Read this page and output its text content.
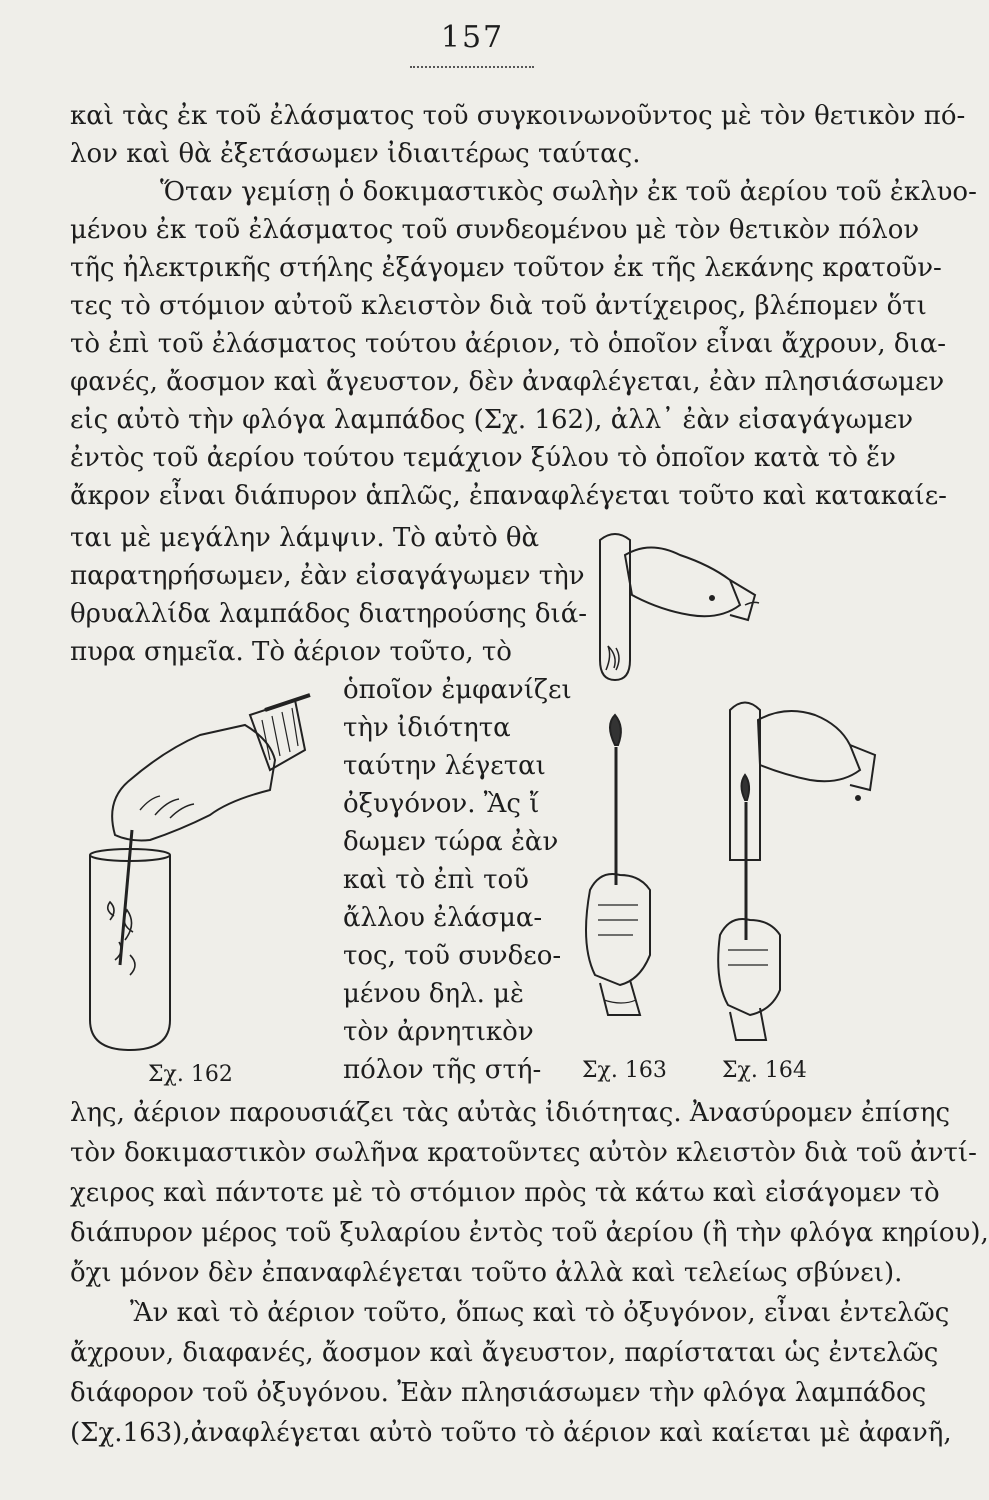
157
καὶ τὰς ἐκ τοῦ ἐλάσματος τοῦ συγκοινωνοῦντος μὲ τὸν θετικὸν πό-
λον καὶ θὰ ἐξετάσωμεν ἰδιαιτέρως ταύτας.
Ὅταν γεμίσῃ ὁ δοκιμαστικὸς σωλὴν ἐκ τοῦ ἀερίου τοῦ ἐκλυο-
μένου ἐκ τοῦ ἐλάσματος τοῦ συνδεομένου μὲ τὸν θετικὸν πόλον
τῆς ἠλεκτρικῆς στήλης ἐξάγομεν τοῦτον ἐκ τῆς λεκάνης κρατοῦν-
τες τὸ στόμιον αὐτοῦ κλειστὸν διὰ τοῦ ἀντίχειρος, βλέπομεν ὅτι
τὸ ἐπὶ τοῦ ἐλάσματος τούτου ἀέριον, τὸ ὁποῖον εἶναι ἄχρουν, δια-
φανές, ἄοσμον καὶ ἄγευστον, δὲν ἀναφλέγεται, ἐὰν πλησιάσωμεν
εἰς αὐτὸ τὴν φλόγα λαμπάδος (Σχ. 162), ἀλλ᾽ ἐὰν εἰσαγάγωμεν
ἐντὸς τοῦ ἀερίου τούτου τεμάχιον ξύλου τὸ ὁποῖον κατὰ τὸ ἕν
ἄκρον εἶναι διάπυρον ἁπλῶς, ἐπαναφλέγεται τοῦτο καὶ κατακαίε-
ται μὲ μεγάλην λάμψιν. Τὸ αὐτὸ θὰ
παρατηρήσωμεν, ἐὰν εἰσαγάγωμεν τὴν
θρυαλλίδα λαμπάδος διατηρούσης διά-
πυρα σημεῖα. Τὸ ἀέριον τοῦτο, τὸ
ὁποῖον ἐμφανίζει
τὴν ἰδιότητα
ταύτην λέγεται
ὀξυγόνον. Ἂς ἴ
δωμεν τώρα ἐὰν
καὶ τὸ ἐπὶ τοῦ
ἄλλου ἐλάσμα-
τος, τοῦ συνδεο-
μένου δηλ. μὲ
τὸν ἀρνητικὸν
πόλον τῆς στή-
Σχ. 162	Σχ. 163	Σχ. 164
λης, ἀέριον παρουσιάζει τὰς αὐτὰς ἰδιότητας. Ἀνασύρομεν ἐπίσης
τὸν δοκιμαστικὸν σωλῆνα κρατοῦντες αὐτὸν κλειστὸν διὰ τοῦ ἀντί-
χειρος καὶ πάντοτε μὲ τὸ στόμιον πρὸς τὰ κάτω καὶ εἰσάγομεν τὸ
διάπυρον μέρος τοῦ ξυλαρίου ἐντὸς τοῦ ἀερίου (ἢ τὴν φλόγα κηρίου),
ὄχι μόνον δὲν ἐπαναφλέγεται τοῦτο ἀλλὰ καὶ τελείως σβύνει).
Ἂν καὶ τὸ ἀέριον τοῦτο, ὅπως καὶ τὸ ὀξυγόνον, εἶναι ἐντελῶς
ἄχρουν, διαφανές, ἄοσμον καὶ ἄγευστον, παρίσταται ὡς ἐντελῶς
διάφορον τοῦ ὀξυγόνου. Ἐὰν πλησιάσωμεν τὴν φλόγα λαμπάδος
(Σχ.163),ἀναφλέγεται αὐτὸ τοῦτο τὸ ἀέριον καὶ καίεται μὲ ἀφανῆ,
